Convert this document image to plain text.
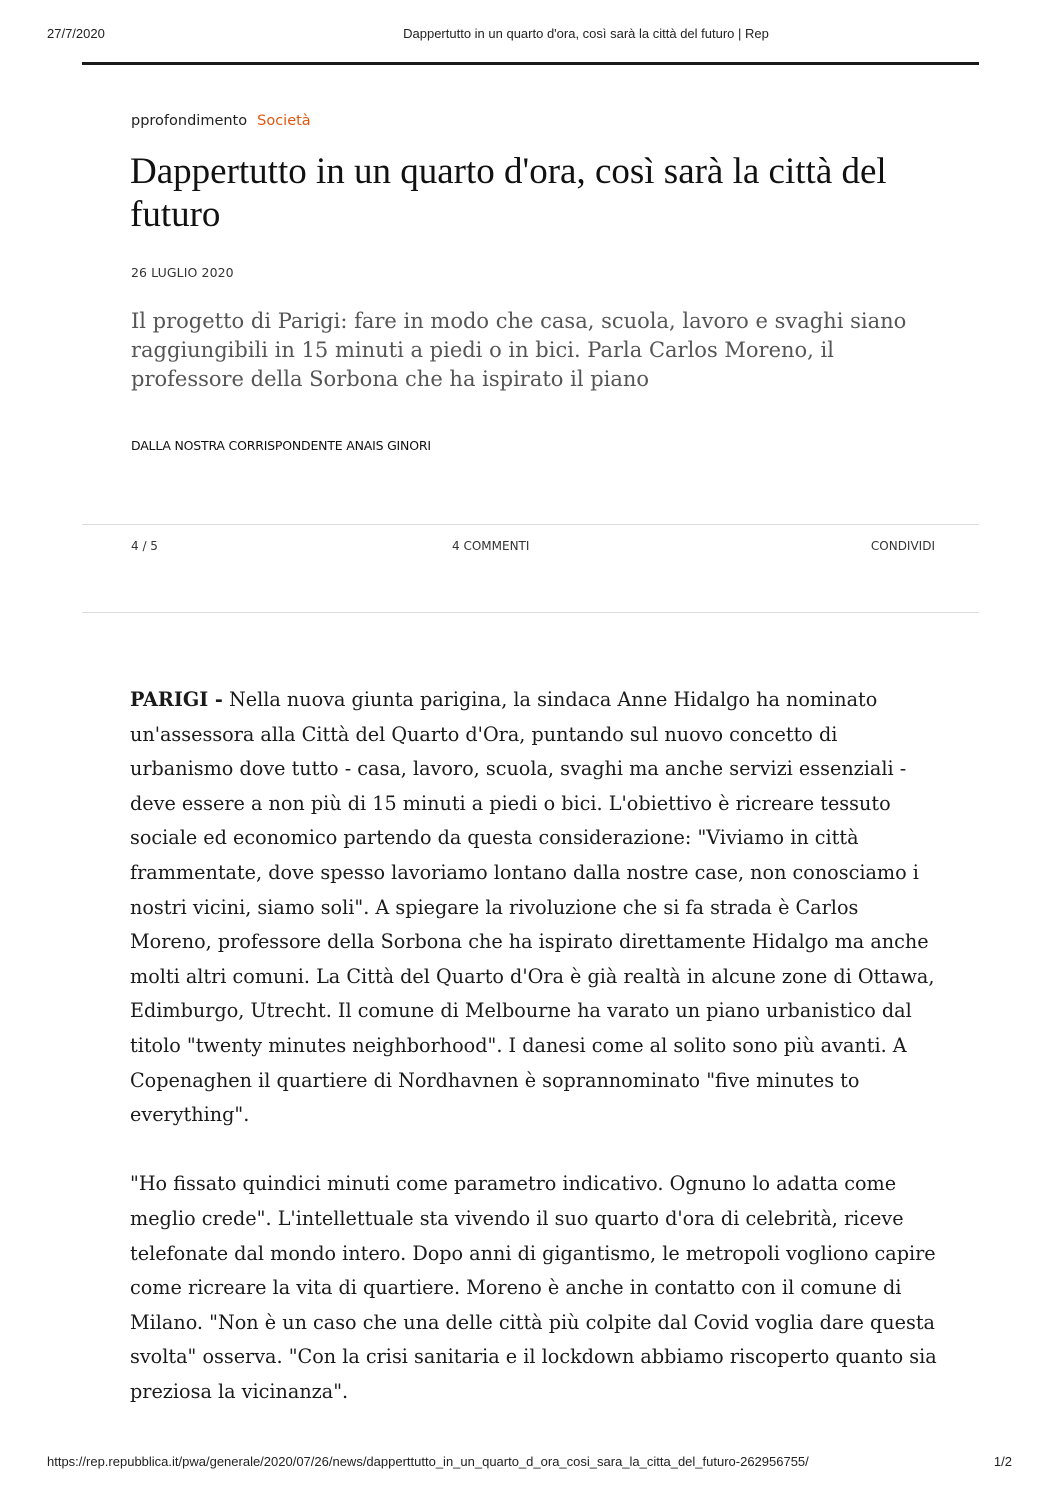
27/7/2020	Dappertutto in un quarto d'ora, così sarà la città del futuro | Rep
pprofondimento Società
Dappertutto in un quarto d'ora, così sarà la città del futuro
26 LUGLIO 2020

Il progetto di Parigi: fare in modo che casa, scuola, lavoro e svaghi siano raggiungibili in 15 minuti a piedi o in bici. Parla Carlos Moreno, il professore della Sorbona che ha ispirato il piano

DALLA NOSTRA CORRISPONDENTE ANAIS GINORI
4 / 5	4 COMMENTI	CONDIVIDI

PARIGI - Nella nuova giunta parigina, la sindaca Anne Hidalgo ha nominato un'assessora alla Città del Quarto d'Ora, puntando sul nuovo concetto di urbanismo dove tutto - casa, lavoro, scuola, svaghi ma anche servizi essenziali - deve essere a non più di 15 minuti a piedi o bici. L'obiettivo è ricreare tessuto sociale ed economico partendo da questa considerazione: "Viviamo in città frammentate, dove spesso lavoriamo lontano dalla nostre case, non conosciamo i nostri vicini, siamo soli". A spiegare la rivoluzione che si fa strada è Carlos Moreno, professore della Sorbona che ha ispirato direttamente Hidalgo ma anche molti altri comuni. La Città del Quarto d'Ora è già realtà in alcune zone di Ottawa, Edimburgo, Utrecht. Il comune di Melbourne ha varato un piano urbanistico dal titolo "twenty minutes neighborhood". I danesi come al solito sono più avanti. A Copenaghen il quartiere di Nordhavnen è soprannominato "five minutes to everything".

"Ho fissato quindici minuti come parametro indicativo. Ognuno lo adatta come meglio crede". L'intellettuale sta vivendo il suo quarto d'ora di celebrità, riceve telefonate dal mondo intero. Dopo anni di gigantismo, le metropoli vogliono capire come ricreare la vita di quartiere. Moreno è anche in contatto con il comune di Milano. "Non è un caso che una delle città più colpite dal Covid voglia dare questa svolta" osserva. "Con la crisi sanitaria e il lockdown abbiamo riscoperto quanto sia preziosa la vicinanza".

https://rep.repubblica.it/pwa/generale/2020/07/26/news/dapperttutto_in_un_quarto_d_ora_cosi_sara_la_citta_del_futuro-262956755/	1/2
